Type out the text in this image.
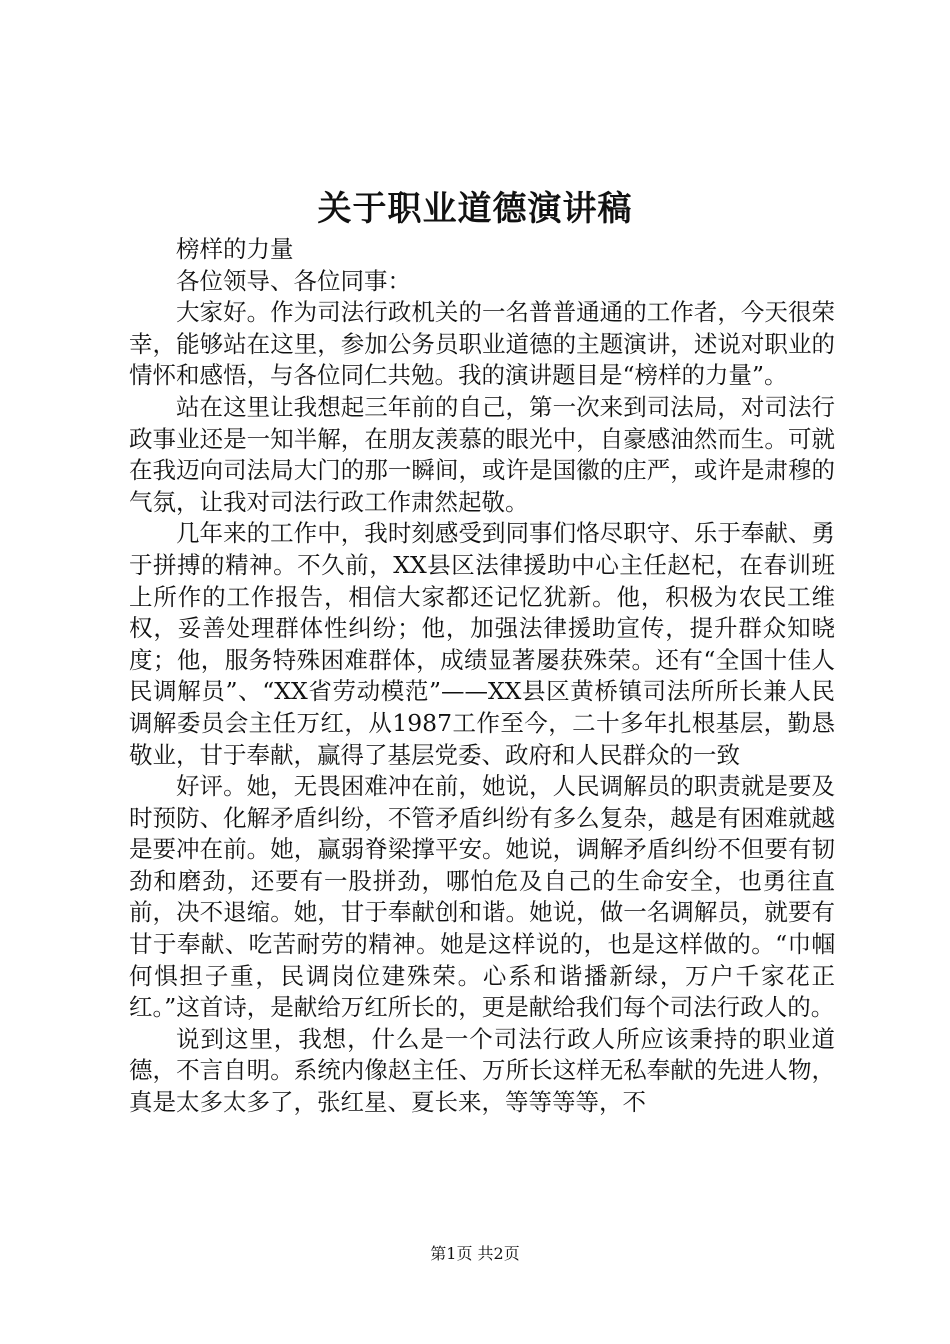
关于职业道德演讲稿

榜样的力量

各位领导、各位同事：

大家好。作为司法行政机关的一名普普通通的工作者，今天很荣幸，能够站在这里，参加公务员职业道德的主题演讲，述说对职业的情怀和感悟，与各位同仁共勉。我的演讲题目是“榜样的力量”。

站在这里让我想起三年前的自己，第一次来到司法局，对司法行政事业还是一知半解，在朋友羡慕的眼光中，自豪感油然而生。可就在我迈向司法局大门的那一瞬间，或许是国徽的庄严，或许是肃穆的气氛，让我对司法行政工作肃然起敬。

几年来的工作中，我时刻感受到同事们恪尽职守、乐于奉献、勇于拼搏的精神。不久前，XX县区法律援助中心主任赵杞，在春训班上所作的工作报告，相信大家都还记忆犹新。他，积极为农民工维权，妥善处理群体性纠纷；他，加强法律援助宣传，提升群众知晓度；他，服务特殊困难群体，成绩显著屡获殊荣。还有“全国十佳人民调解员”、“XX省劳动模范”——XX县区黄桥镇司法所所长兼人民调解委员会主任万红，从1987工作至今，二十多年扎根基层，勤恳敬业，甘于奉献，赢得了基层党委、政府和人民群众的一致

好评。她，无畏困难冲在前，她说，人民调解员的职责就是要及时预防、化解矛盾纠纷，不管矛盾纠纷有多么复杂，越是有困难就越是要冲在前。她，赢弱脊梁撑平安。她说，调解矛盾纠纷不但要有韧劲和磨劲，还要有一股拼劲，哪怕危及自己的生命安全，也勇往直前，决不退缩。她，甘于奉献创和谐。她说，做一名调解员，就要有甘于奉献、吃苦耐劳的精神。她是这样说的，也是这样做的。“巾帼何惧担子重，民调岗位建殊荣。心系和谐播新绿，万户千家花正红。”这首诗，是献给万红所长的，更是献给我们每个司法行政人的。

说到这里，我想，什么是一个司法行政人所应该秉持的职业道德，不言自明。系统内像赵主任、万所长这样无私奉献的先进人物，真是太多太多了，张红星、夏长来，等等等等，不

第1页 共2页
